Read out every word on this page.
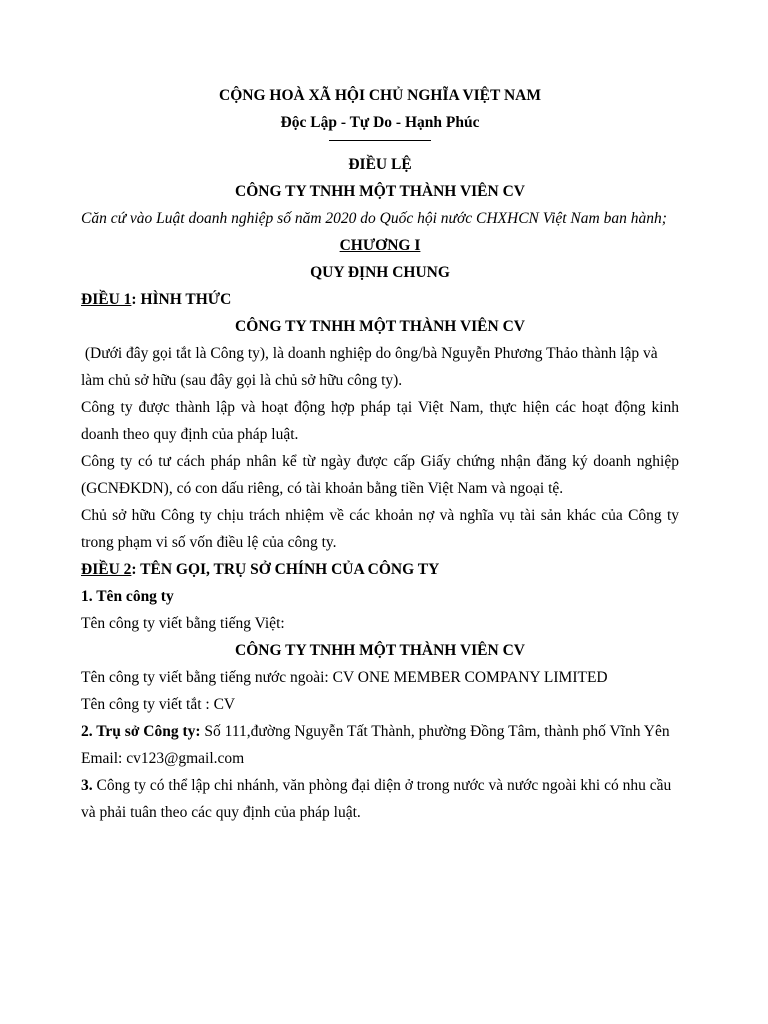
CỘNG HOÀ XÃ HỘI CHỦ NGHĨA VIỆT NAM

Độc Lập - Tự Do - Hạnh Phúc

ĐIỀU LỆ

CÔNG TY TNHH MỘT THÀNH VIÊN CV

Căn cứ vào Luật doanh nghiệp số năm 2020 do Quốc hội nước CHXHCN Việt Nam ban hành;

CHƯƠNG I

QUY ĐỊNH CHUNG

ĐIỀU 1: HÌNH THỨC

CÔNG TY TNHH MỘT THÀNH VIÊN CV

(Dưới đây gọi tắt là Công ty), là doanh nghiệp do ông/bà Nguyễn Phương Thảo thành lập và làm chủ sở hữu (sau đây gọi là chủ sở hữu công ty).

Công ty được thành lập và hoạt động hợp pháp tại Việt Nam, thực hiện các hoạt động kinh doanh theo quy định của pháp luật.

Công ty có tư cách pháp nhân kể từ ngày được cấp Giấy chứng nhận đăng ký doanh nghiệp (GCNĐKDN), có con dấu riêng, có tài khoản bằng tiền Việt Nam và ngoại tệ.

Chủ sở hữu Công ty chịu trách nhiệm về các khoản nợ và nghĩa vụ tài sản khác của Công ty trong phạm vi số vốn điều lệ của công ty.

ĐIỀU 2: TÊN GỌI, TRỤ SỞ CHÍNH CỦA CÔNG TY

1. Tên công ty

Tên công ty viết bằng tiếng Việt:

CÔNG TY TNHH MỘT THÀNH VIÊN CV

Tên công ty viết bằng tiếng nước ngoài: CV ONE MEMBER COMPANY LIMITED

Tên công ty viết tắt : CV

2. Trụ sở Công ty: Số 111,đường Nguyễn Tất Thành, phường Đồng Tâm, thành phố Vĩnh Yên

Email: cv123@gmail.com

3. Công ty có thể lập chi nhánh, văn phòng đại diện ở trong nước và nước ngoài khi có nhu cầu và phải tuân theo các quy định của pháp luật.
